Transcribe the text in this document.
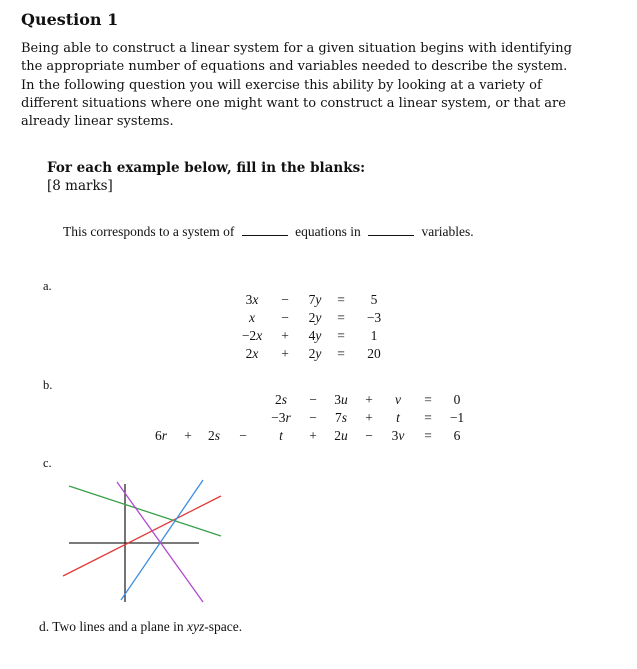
Question 1
Being able to construct a linear system for a given situation begins with identifying the appropriate number of equations and variables needed to describe the system. In the following question you will exercise this ability by looking at a variety of different situations where one might want to construct a linear system, or that are already linear systems.
For each example below, fill in the blanks:
[8 marks]
This corresponds to a system of	equations in	variables.
a.
3x	−	7y	=	5
x	−	2y	=	−3
−2x	+	4y	=	1
2x	+	2y	=	20
b.
2s	−	3u	+	v	=	0
−3r	−	7s	+	t	=	−1
6r	+	2s	−	t	+	2u	−	3v	=	6
c.
d. Two lines and a plane in xyz-space.
